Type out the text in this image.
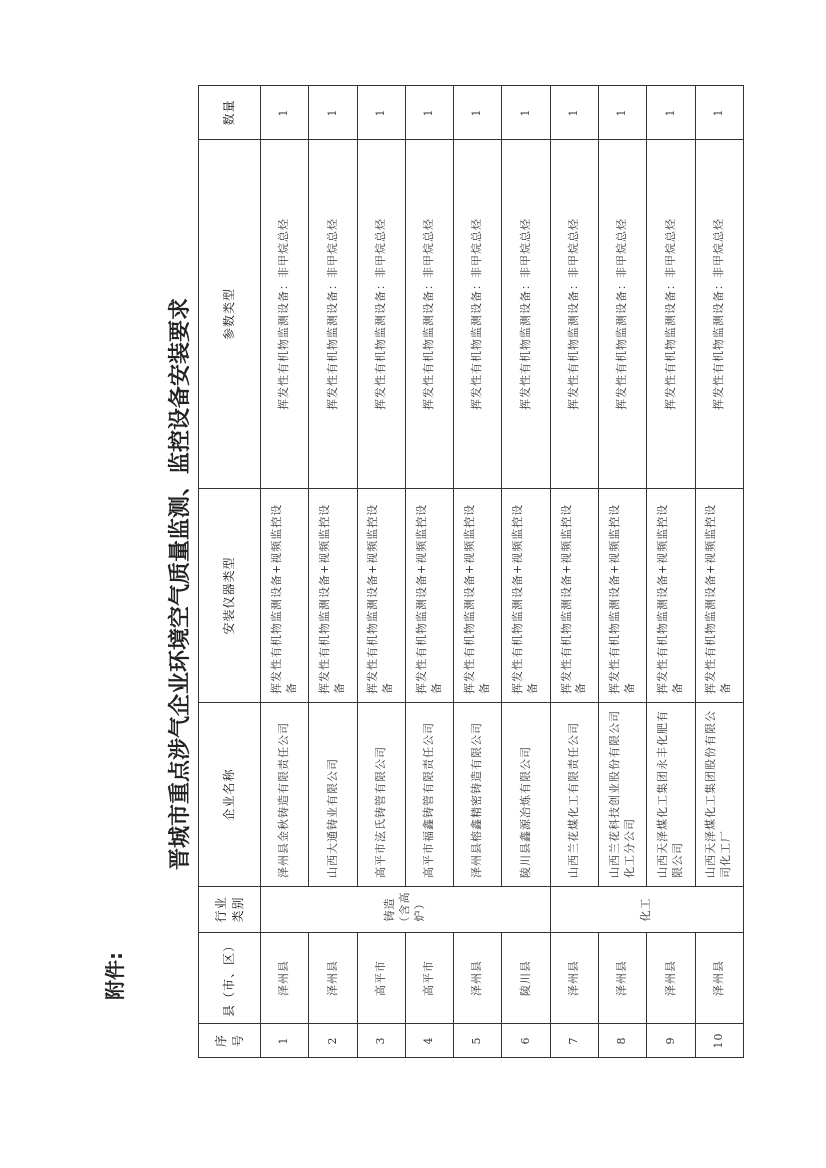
附件:
晋城市重点涉气企业环境空气质量监测、监控设备安装要求
序号	县（市、区）	行业类别	企业名称	安装仪器类型	参数类型	数量
1	泽州县	铸造（含高炉）	泽州县金秋铸造有限责任公司	挥发性有机物监测设备+视频监控设备	挥发性有机物监测设备：非甲烷总烃	1
2	泽州县		山西大通铸业有限公司	挥发性有机物监测设备+视频监控设备	挥发性有机物监测设备：非甲烷总烃	1
3	高平市		高平市泫氏铸管有限公司	挥发性有机物监测设备+视频监控设备	挥发性有机物监测设备：非甲烷总烃	1
4	高平市		高平市福鑫铸管有限责任公司	挥发性有机物监测设备+视频监控设备	挥发性有机物监测设备：非甲烷总烃	1
5	泽州县		泽州县榕鑫精密铸造有限公司	挥发性有机物监测设备+视频监控设备	挥发性有机物监测设备：非甲烷总烃	1
6	陵川县		陵川县鑫源冶炼有限公司	挥发性有机物监测设备+视频监控设备	挥发性有机物监测设备：非甲烷总烃	1
7	泽州县	化工	山西兰花煤化工有限责任公司	挥发性有机物监测设备+视频监控设备	挥发性有机物监测设备：非甲烷总烃	1
8	泽州县		山西兰花科技创业股份有限公司化工分公司	挥发性有机物监测设备+视频监控设备	挥发性有机物监测设备：非甲烷总烃	1
9	泽州县		山西天泽煤化工集团永丰化肥有限公司	挥发性有机物监测设备+视频监控设备	挥发性有机物监测设备：非甲烷总烃	1
10	泽州县		山西天泽煤化工集团股份有限公司化工厂	挥发性有机物监测设备+视频监控设备	挥发性有机物监测设备：非甲烷总烃	1
